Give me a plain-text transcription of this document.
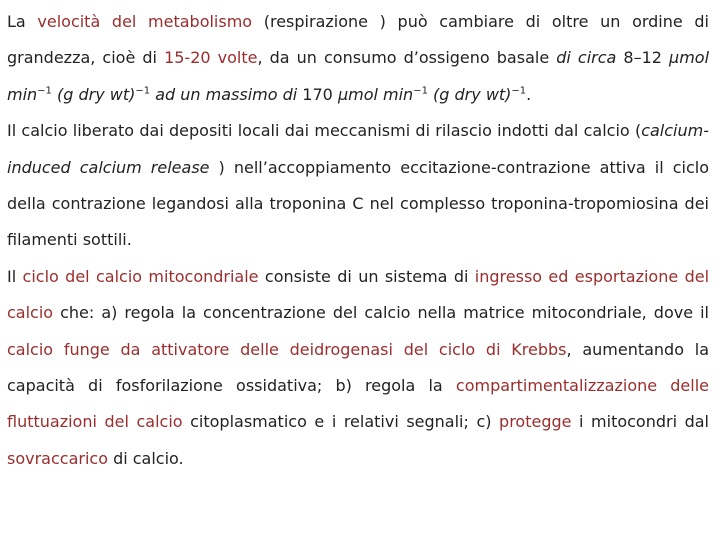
La velocità del metabolismo (respirazione ) può cambiare di oltre un ordine di grandezza, cioè di 15-20 volte, da un consumo d’ossigeno basale di circa 8–12 µmol $\min^{-1} (g$ dry wt)$^{-1}$ ad un massimo di 170 µmol $\min^{-1} (g$ dry wt)$^{-1}$.

Il calcio liberato dai depositi locali dai meccanismi di rilascio indotti dal calcio (calcium-induced calcium release ) nell’accoppiamento eccitazione-contrazione attiva il ciclo della contrazione legandosi alla troponina C nel complesso troponina-tropomiosina dei filamenti sottili.

Il ciclo del calcio mitocondriale consiste di un sistema di ingresso ed esportazione del calcio che: a) regola la concentrazione del calcio nella matrice mitocondriale, dove il calcio funge da attivatore delle deidrogenasi del ciclo di Krebbs, aumentando la capacità di fosforilazione ossidativa; b) regola la compartimentalizzazione delle fluttuazioni del calcio citoplasmatico e i relativi segnali; c) protegge i mitocondri dal sovraccarico di calcio.
